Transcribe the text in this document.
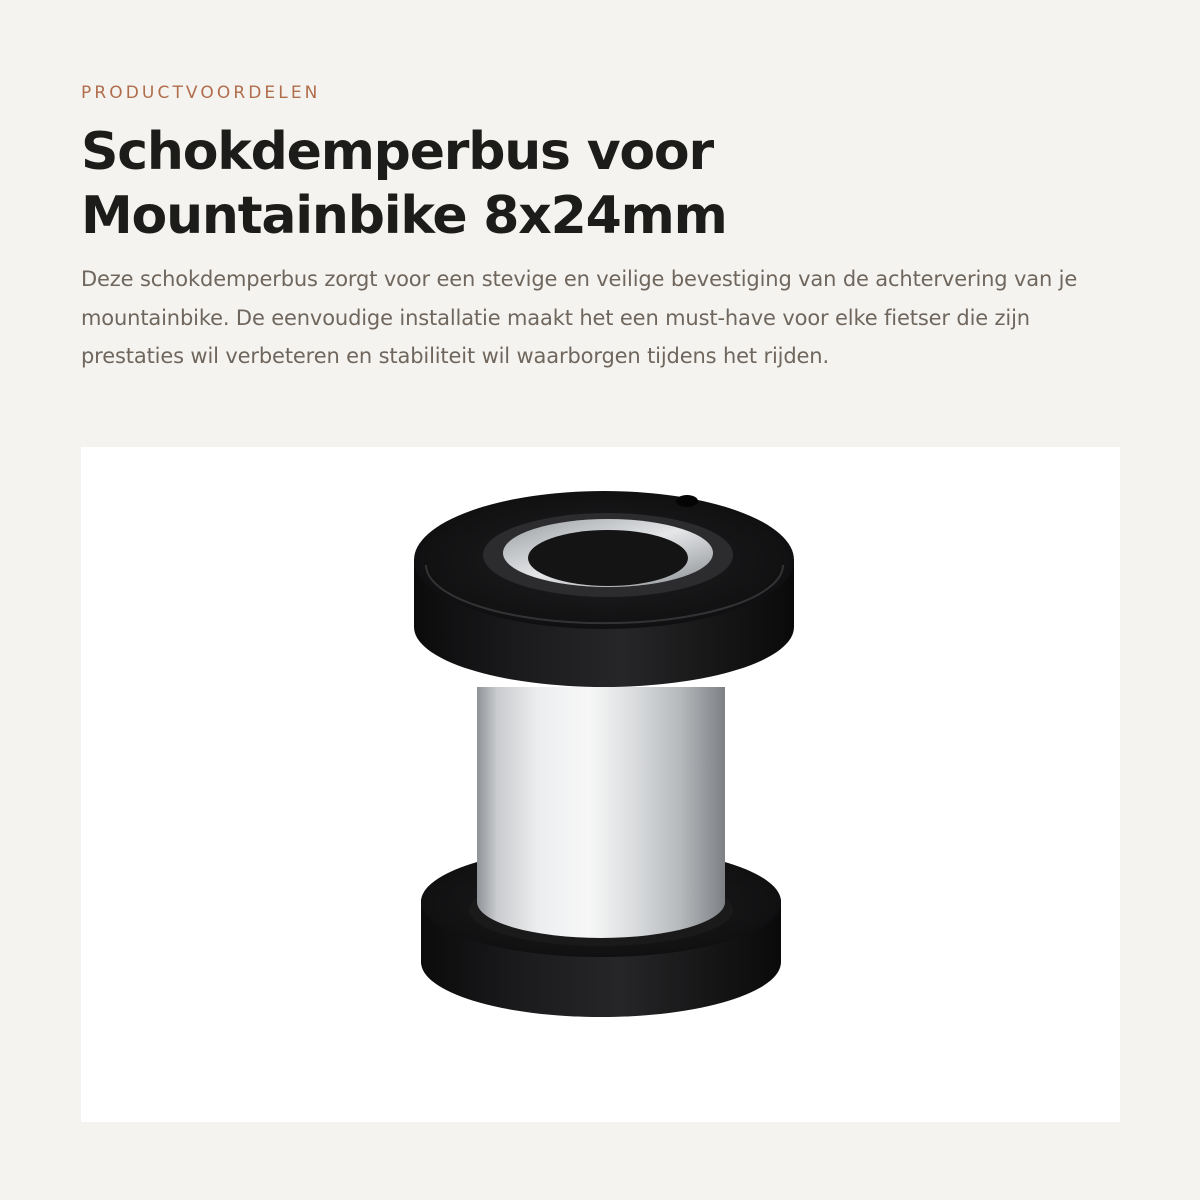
PRODUCTVOORDELEN

Schokdemperbus voor
Mountainbike 8x24mm

Deze schokdemperbus zorgt voor een stevige en veilige bevestiging van de achtervering van je mountainbike. De eenvoudige installatie maakt het een must-have voor elke fietser die zijn prestaties wil verbeteren en stabiliteit wil waarborgen tijdens het rijden.
